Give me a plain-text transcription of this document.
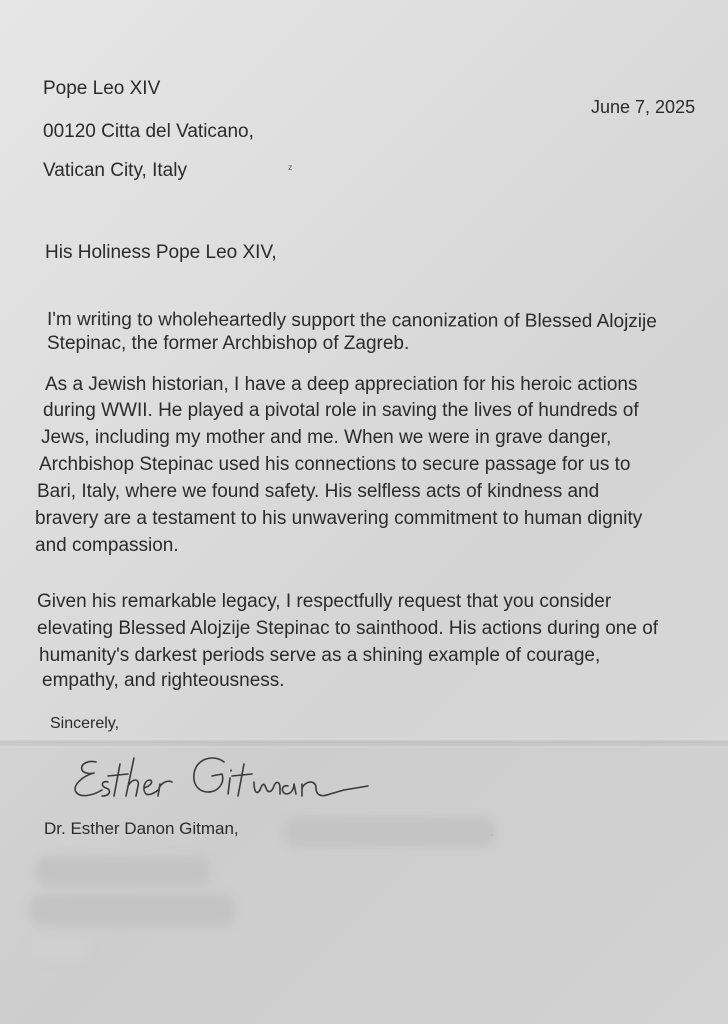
Pope Leo XIV
00120 Citta del Vaticano,
Vatican City, Italy
June 7, 2025
ᶻ
His Holiness Pope Leo XIV,
I'm writing to wholeheartedly support the canonization of Blessed Alojzije
Stepinac, the former Archbishop of Zagreb.
As a Jewish historian, I have a deep appreciation for his heroic actions
during WWII. He played a pivotal role in saving the lives of hundreds of
Jews, including my mother and me. When we were in grave danger,
Archbishop Stepinac used his connections to secure passage for us to
Bari, Italy, where we found safety. His selfless acts of kindness and
bravery are a testament to his unwavering commitment to human dignity
and compassion.
Given his remarkable legacy, I respectfully request that you consider
elevating Blessed Alojzije Stepinac to sainthood. His actions during one of
humanity's darkest periods serve as a shining example of courage,
empathy, and righteousness.
Sincerely,
Dr. Esther Danon Gitman,
